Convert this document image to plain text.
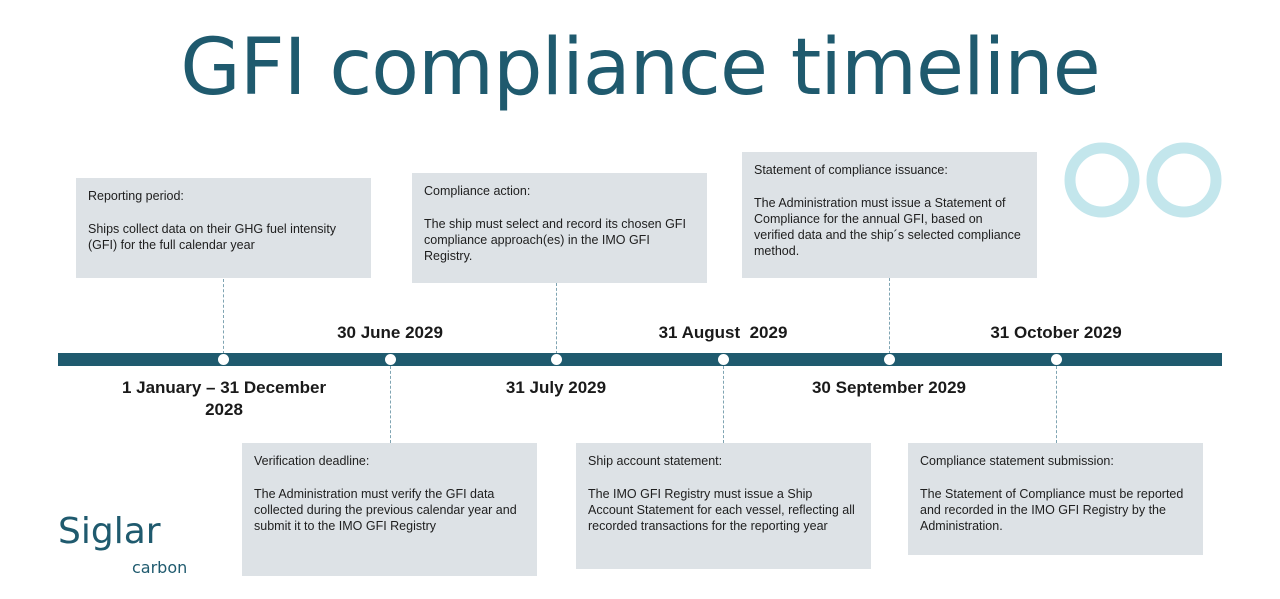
GFI compliance timeline
Reporting period:
Ships collect data on their GHG fuel intensity (GFI) for the full calendar year
Verification deadline:
The Administration must verify the GFI data collected during the previous calendar year and submit it to the IMO GFI Registry
Compliance action:
The ship must select and record its chosen GFI compliance approach(es) in the IMO GFI Registry.
Ship account statement:
The IMO GFI Registry must issue a Ship Account Statement for each vessel, reflecting all recorded transactions for the reporting year
Statement of compliance issuance:
The Administration must issue a Statement of Compliance for the annual GFI, based on verified data and the ship´s selected compliance method.
Compliance statement submission:
The Statement of Compliance must be reported and recorded in the IMO GFI Registry by the Administration.
1 January – 31 December 2028
30 June 2029
31 July 2029
31 August  2029
30 September 2029
31 October 2029
Siglar
carbon
